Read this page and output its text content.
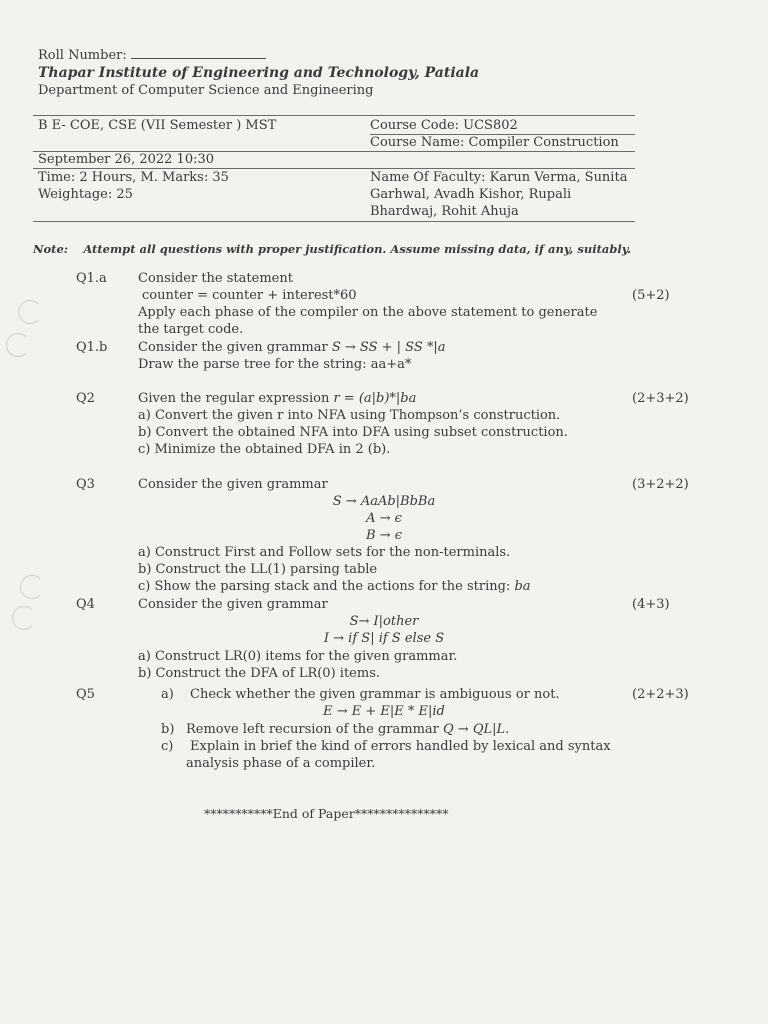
Roll Number:
Thapar Institute of Engineering and Technology, Patiala
Department of Computer Science and Engineering
B E- COE, CSE (VII Semester ) MST	Course Code: UCS802
Course Name: Compiler Construction
September 26, 2022 10:30
Time: 2 Hours, M. Marks: 35
Weightage: 25
Name Of Faculty: Karun Verma, Sunita
Garhwal, Avadh Kishor, Rupali
Bhardwaj, Rohit Ahuja
Note: Attempt all questions with proper justification. Assume missing data, if any, suitably.
Q1.a Consider the statement
counter = counter + interest*60	(5+2)
Apply each phase of the compiler on the above statement to generate
the target code.
Q1.b Consider the given grammar S → SS + | SS *|a
Draw the parse tree for the string: aa+a*
Q2	Given the regular expression r = (a|b)*|ba	(2+3+2)
a) Convert the given r into NFA using Thompson’s construction.
b) Convert the obtained NFA into DFA using subset construction.
c) Minimize the obtained DFA in 2 (b).
Q3	Consider the given grammar	(3+2+2)
S → AaAb|BbBa
A → ϵ
B → ϵ
a) Construct First and Follow sets for the non-terminals.
b) Construct the LL(1) parsing table
c) Show the parsing stack and the actions for the string: ba
Q4	Consider the given grammar	(4+3)
S→ I|other
I → if S| if S else S
a) Construct LR(0) items for the given grammar.
b) Construct the DFA of LR(0) items.
Q5	a) Check whether the given grammar is ambiguous or not.	(2+2+3)
E → E + E|E * E|id
b) Remove left recursion of the grammar Q → QL|L.
c) Explain in brief the kind of errors handled by lexical and syntax
analysis phase of a compiler.
***********End of Paper***************
